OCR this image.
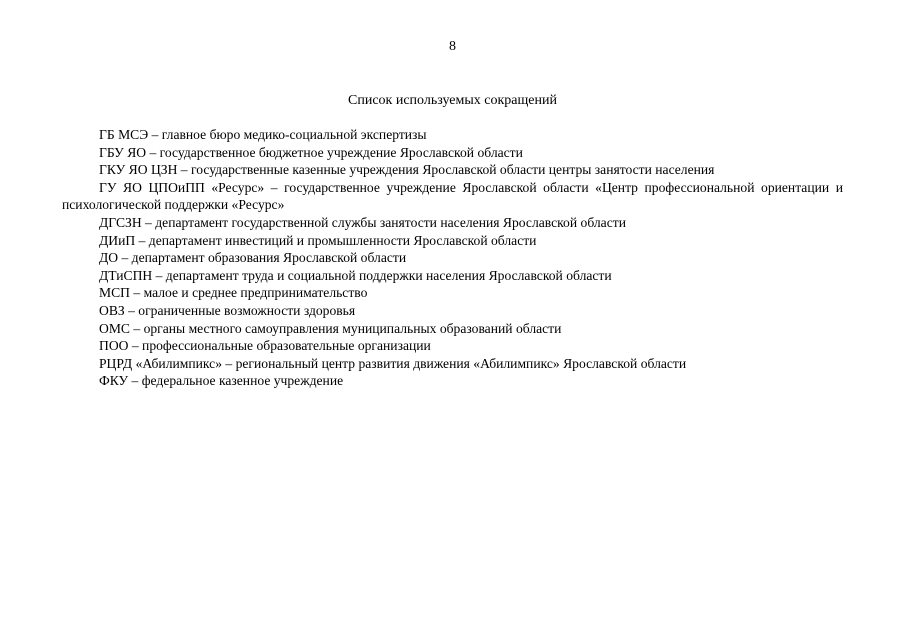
8
Список используемых сокращений
ГБ МСЭ – главное бюро медико-социальной экспертизы
ГБУ ЯО – государственное бюджетное учреждение Ярославской области
ГКУ ЯО ЦЗН – государственные казенные учреждения Ярославской области центры занятости населения
ГУ ЯО ЦПОиПП «Ресурс» – государственное учреждение Ярославской области «Центр профессиональной ориентации и психологической поддержки «Ресурс»
ДГСЗН – департамент государственной службы занятости населения Ярославской области
ДИиП – департамент инвестиций и промышленности Ярославской области
ДО – департамент образования Ярославской области
ДТиСПН – департамент труда и социальной поддержки населения Ярославской области
МСП – малое и среднее предпринимательство
ОВЗ – ограниченные возможности здоровья
ОМС – органы местного самоуправления муниципальных образований области
ПОО – профессиональные образовательные организации
РЦРД «Абилимпикс» – региональный центр развития движения «Абилимпикс» Ярославской области
ФКУ – федеральное казенное учреждение
